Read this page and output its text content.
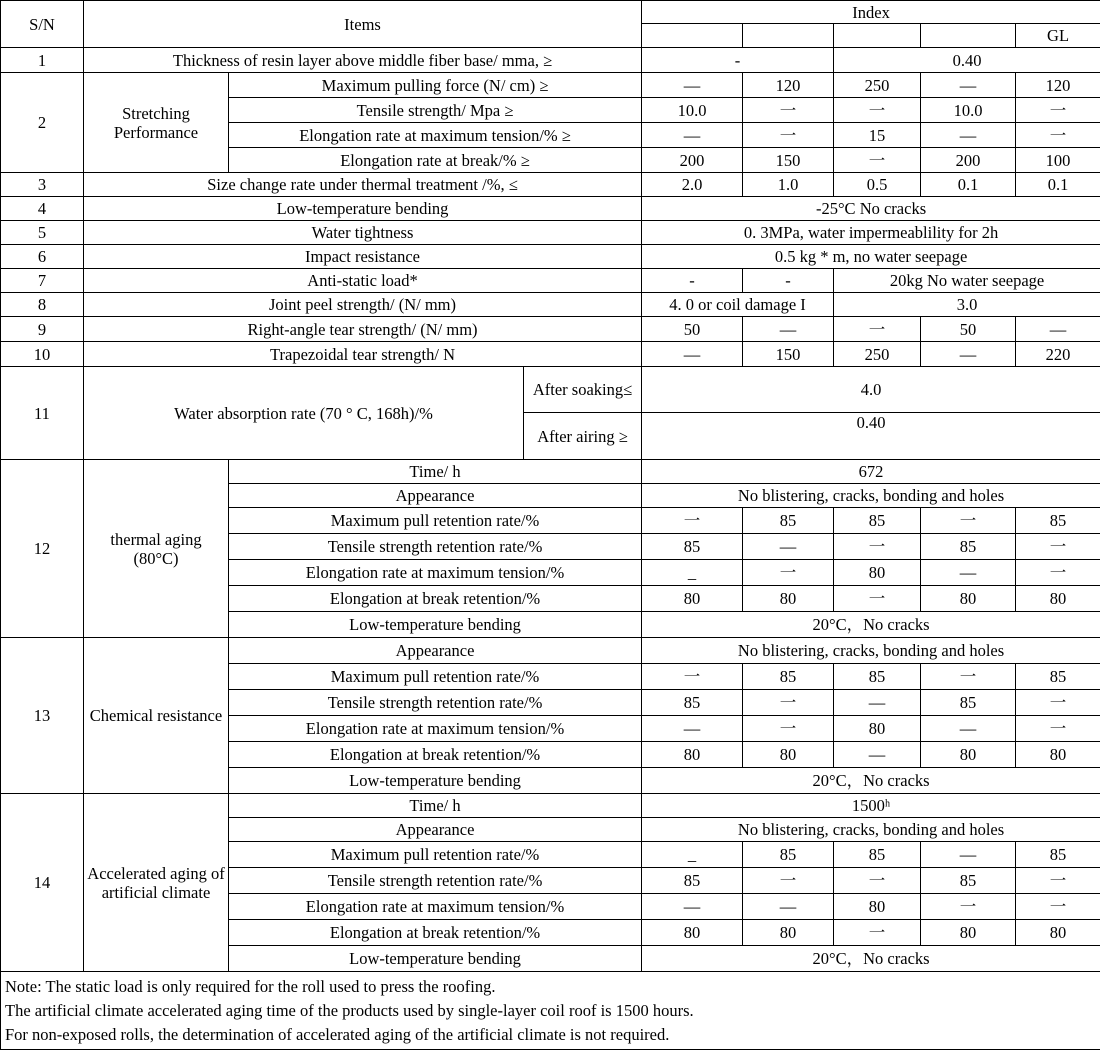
S/N	Items			Index				
								GL
1	Thickness of resin layer above middle fiber base/ mma, ≥			-		0.40		
2	Stretching Performance	Maximum pulling force (N/ cm) ≥		—	120	250	—	120
		Tensile strength/ Mpa ≥		10.0	一	一	10.0	一
		Elongation rate at maximum tension/% ≥		—	一	15	—	一
		Elongation rate at break/% ≥		200	150	一	200	100
3	Size change rate under thermal treatment /%, ≤			2.0	1.0	0.5	0.1	0.1
4	Low-temperature bending			-25°C No cracks				
5	Water tightness			0. 3MPa, water impermeablility for 2h				
6	Impact resistance			0.5 kg * m, no water seepage				
7	Anti-static load*			-	-	20kg No water seepage		
8	Joint peel strength/ (N/ mm)			4. 0 or coil damage I		3.0		
9	Right-angle tear strength/ (N/ mm)			50	—	一	50	—
10	Trapezoidal tear strength/ N			—	150	250	—	220
11	Water absorption rate (70 ° C, 168h)/%		After soaking≤	4.0				
			After airing ≥	0.40				
12	thermal aging (80°C)	Time/ h		672				
		Appearance		No blistering, cracks, bonding and holes				
		Maximum pull retention rate/%		一	85	85	一	85
		Tensile strength retention rate/%		85	—	一	85	一
		Elongation rate at maximum tension/%		_	一	80	—	一
		Elongation at break retention/%		80	80	一	80	80
		Low-temperature bending		20°C，No cracks				
13	Chemical resistance	Appearance		No blistering, cracks, bonding and holes				
		Maximum pull retention rate/%		一	85	85	一	85
		Tensile strength retention rate/%		85	一	—	85	一
		Elongation rate at maximum tension/%		—	一	80	—	一
		Elongation at break retention/%		80	80	—	80	80
		Low-temperature bending		20°C，No cracks				
14	Accelerated aging of artificial climate	Time/ h		1500ʰ				
		Appearance		No blistering, cracks, bonding and holes				
		Maximum pull retention rate/%		_	85	85	—	85
		Tensile strength retention rate/%		85	一	一	85	一
		Elongation rate at maximum tension/%		—	—	80	一	一
		Elongation at break retention/%		80	80	一	80	80
		Low-temperature bending		20°C，No cracks				

Note: The static load is only required for the roll used to press the roofing.
The artificial climate accelerated aging time of the products used by single-layer coil roof is 1500 hours.
For non-exposed rolls, the determination of accelerated aging of the artificial climate is not required.								
